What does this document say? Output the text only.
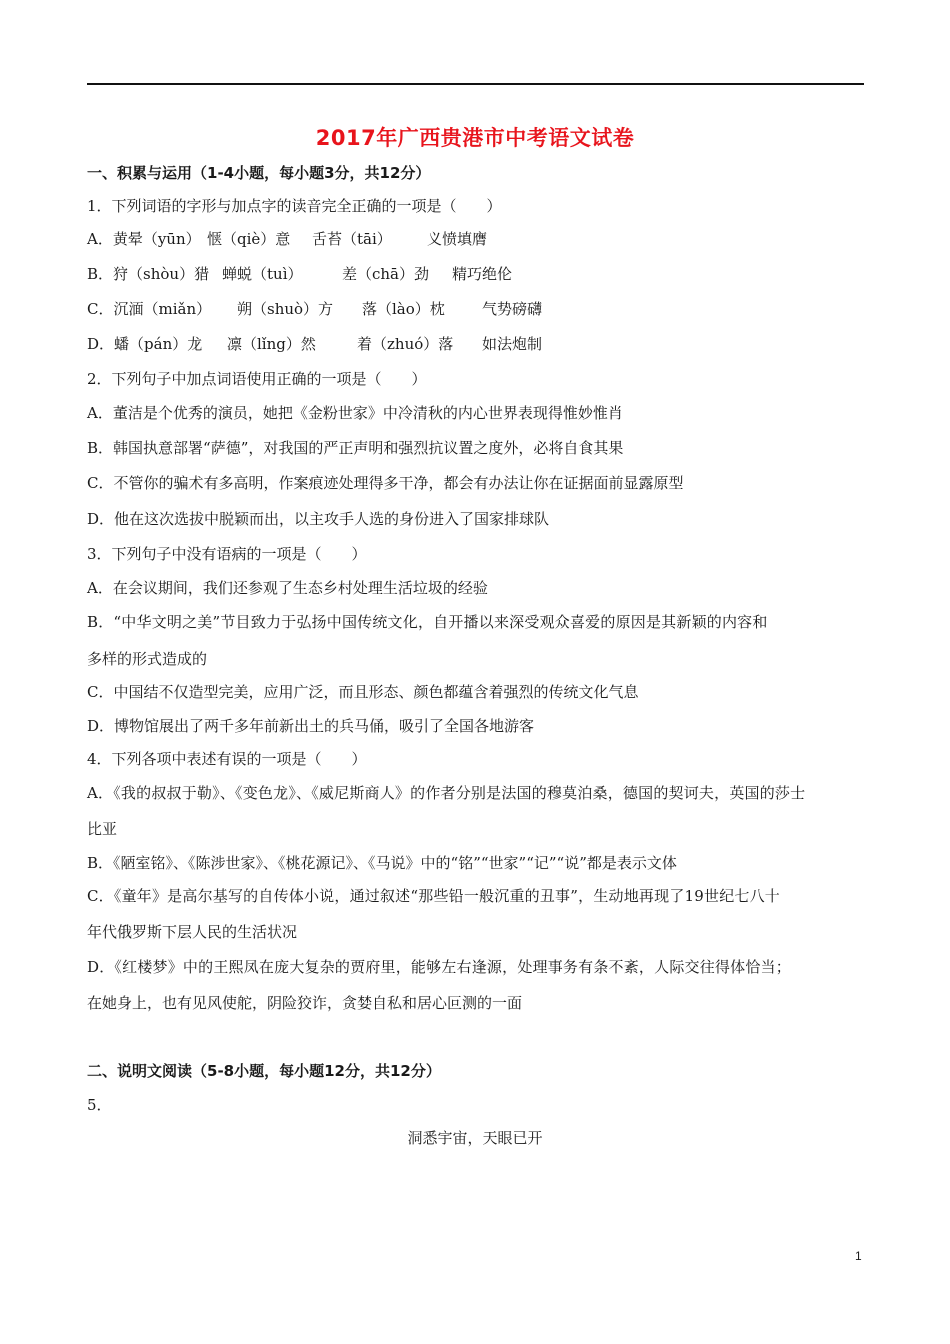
2017年广西贵港市中考语文试卷
一、积累与运用（1-4小题，每小题3分，共12分）
1．下列词语的字形与加点字的读音完全正确的一项是（　　）
A．黄晕（yūn） 惬（qiè）意 舌苔（tāi） 义愤填膺
B．狩（shòu）猎 蝉蜕（tuì）	差（chā）劲 精巧绝伦
C．沉湎（miǎn） 朔（shuò）方 落（lào）枕 气势磅礴
D．蟠（pán）龙 凛（lǐng）然	着（zhuó）落 如法炮制
2．下列句子中加点词语使用正确的一项是（　　）
A．董洁是个优秀的演员，她把《金粉世家》中冷清秋的内心世界表现得惟妙惟肖
B．韩国执意部署“萨德”，对我国的严正声明和强烈抗议置之度外，必将自食其果
C．不管你的骗术有多高明，作案痕迹处理得多干净，都会有办法让你在证据面前显露原型
D．他在这次选拔中脱颖而出，以主攻手人选的身份进入了国家排球队
3．下列句子中没有语病的一项是（　　）
A．在会议期间，我们还参观了生态乡村处理生活垃圾的经验
B．“中华文明之美”节目致力于弘扬中国传统文化，自开播以来深受观众喜爱的原因是其新颖的内容和
多样的形式造成的
C．中国结不仅造型完美，应用广泛，而且形态、颜色都蕴含着强烈的传统文化气息
D．博物馆展出了两千多年前新出土的兵马俑，吸引了全国各地游客
4．下列各项中表述有误的一项是（　　）
A．《我的叔叔于勒》、《变色龙》、《威尼斯商人》的作者分别是法国的穆莫泊桑，德国的契诃夫，英国的莎士
比亚
B．《陋室铭》、《陈涉世家》、《桃花源记》、《马说》中的“铭”“世家”“记”“说”都是表示文体
C．《童年》是高尔基写的自传体小说，通过叙述“那些铅一般沉重的丑事”，生动地再现了19世纪七八十
年代俄罗斯下层人民的生活状况
D．《红楼梦》中的王熙凤在庞大复杂的贾府里，能够左右逢源，处理事务有条不紊，人际交往得体恰当；
在她身上，也有见风使舵，阴险狡诈，贪婪自私和居心叵测的一面
二、说明文阅读（5-8小题，每小题12分，共12分）
5．
洞悉宇宙，天眼已开
1
